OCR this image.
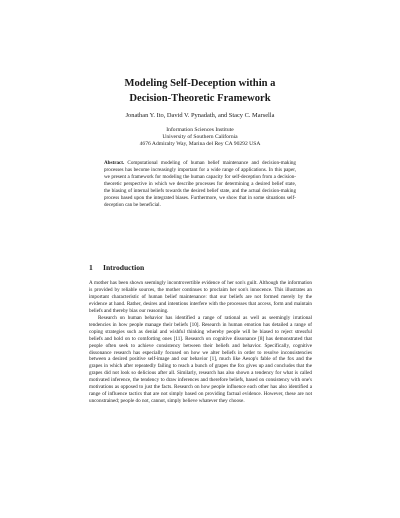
Modeling Self-Deception within a
Decision-Theoretic Framework
Jonathan Y. Ito, David V. Pynadath, and Stacy C. Marsella
Information Sciences Institute
University of Southern California
4676 Admiralty Way, Marina del Rey CA 90292 USA
Abstract. Computational modeling of human belief maintenance and decision-making processes has become increasingly important for a wide range of applications. In this paper, we present a framework for modeling the human capacity for self-deception from a decision-theoretic perspective in which we describe processes for determining a desired belief state, the biasing of internal beliefs towards the desired belief state, and the actual decision-making process based upon the integrated biases. Furthermore, we show that in some situations self-deception can be beneficial.
1 Introduction

A mother has been shown seemingly incontrovertible evidence of her son's guilt. Although the information is provided by reliable sources, the mother continues to proclaim her son's innocence. This illustrates an important characteristic of human belief maintenance: that our beliefs are not formed merely by the evidence at hand. Rather, desires and intentions interfere with the processes that access, form and maintain beliefs and thereby bias our reasoning.

Research on human behavior has identified a range of rational as well as seemingly irrational tendencies in how people manage their beliefs [10]. Research in human emotion has detailed a range of coping strategies such as denial and wishful thinking whereby people will be biased to reject stressful beliefs and hold on to comforting ones [11]. Research on cognitive dissonance [8] has demonstrated that people often seek to achieve consistency between their beliefs and behavior. Specifically, cognitive dissonance research has especially focused on how we alter beliefs in order to resolve inconsistencies between a desired positive self-image and our behavior [1], much like Aesop's fable of the fox and the grapes in which after repeatedly failing to reach a bunch of grapes the fox gives up and concludes that the grapes did not look so delicious after all. Similarly, research has also shown a tendency for what is called motivated inference, the tendency to draw inferences and therefore beliefs, based on consistency with one's motivations as opposed to just the facts. Research on how people influence each other has also identified a range of influence tactics that are not simply based on providing factual evidence. However, these are not unconstrained; people do not, cannot, simply believe whatever they choose.
